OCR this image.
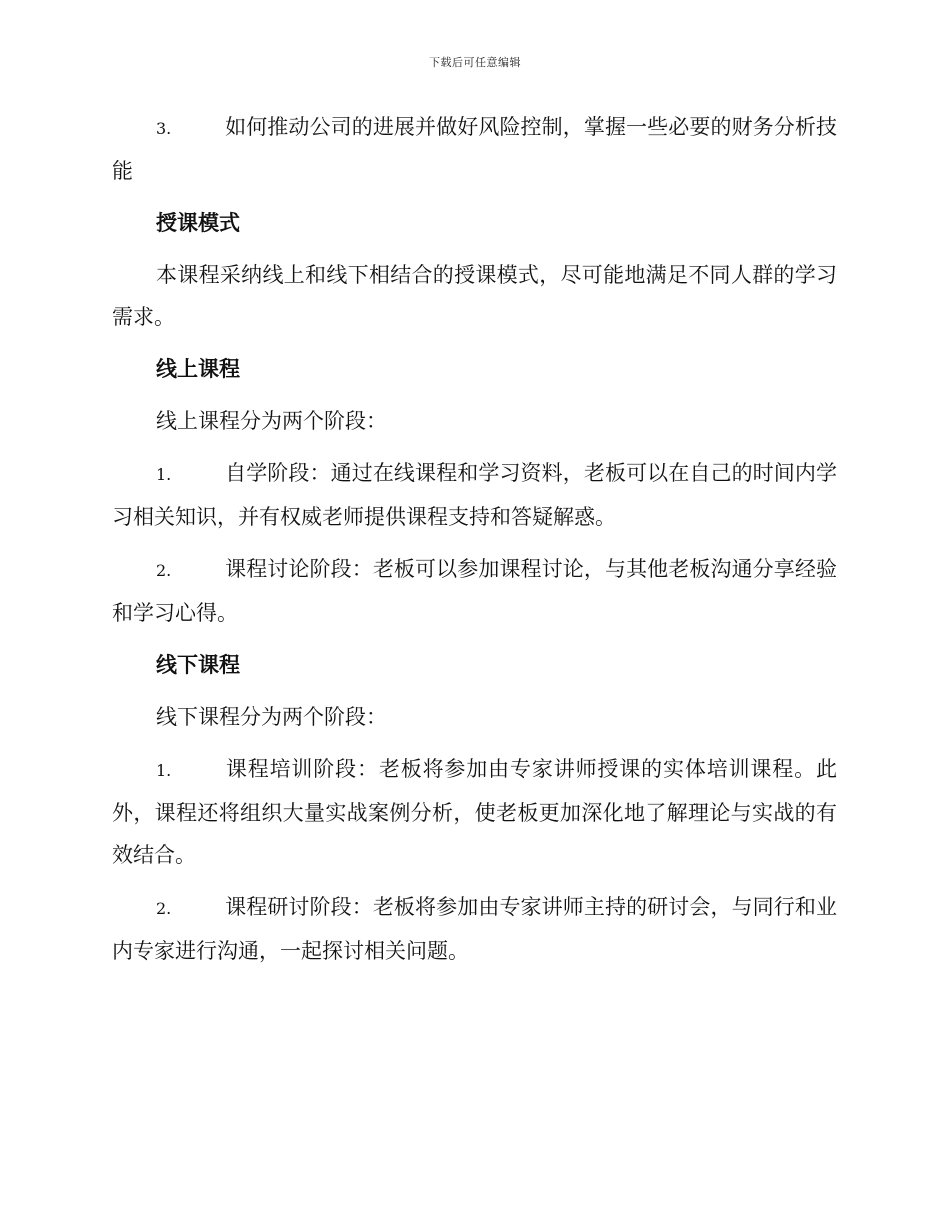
下载后可任意编辑

3.	如何推动公司的进展并做好风险控制，掌握一些必要的财务分析技能

授课模式

本课程采纳线上和线下相结合的授课模式，尽可能地满足不同人群的学习需求。

线上课程

线上课程分为两个阶段：

1.	自学阶段：通过在线课程和学习资料，老板可以在自己的时间内学习相关知识，并有权威老师提供课程支持和答疑解惑。

2.	课程讨论阶段：老板可以参加课程讨论，与其他老板沟通分享经验和学习心得。

线下课程

线下课程分为两个阶段：

1.	课程培训阶段：老板将参加由专家讲师授课的实体培训课程。此外，课程还将组织大量实战案例分析，使老板更加深化地了解理论与实战的有效结合。

2.	课程研讨阶段：老板将参加由专家讲师主持的研讨会，与同行和业内专家进行沟通，一起探讨相关问题。
